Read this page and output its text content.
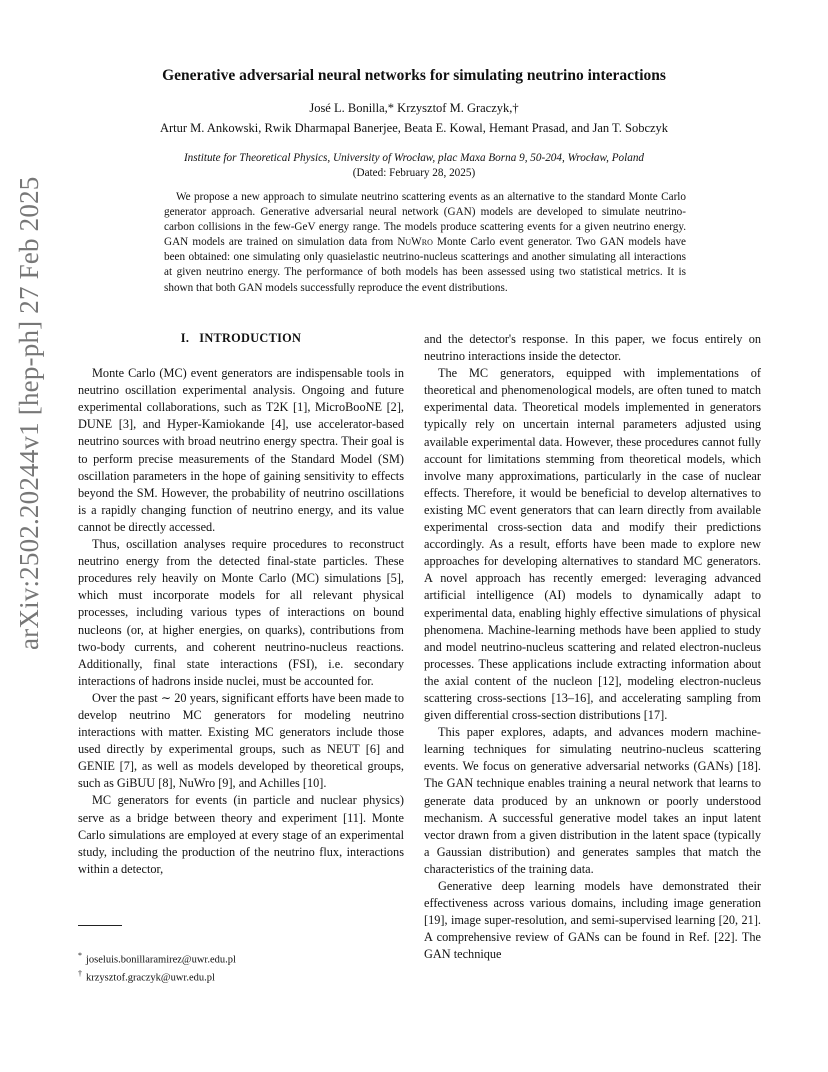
arXiv:2502.20244v1 [hep-ph] 27 Feb 2025
Generative adversarial neural networks for simulating neutrino interactions
José L. Bonilla,* Krzysztof M. Graczyk,†
Artur M. Ankowski, Rwik Dharmapal Banerjee, Beata E. Kowal, Hemant Prasad, and Jan T. Sobczyk
Institute for Theoretical Physics, University of Wrocław, plac Maxa Borna 9, 50-204, Wrocław, Poland
(Dated: February 28, 2025)
We propose a new approach to simulate neutrino scattering events as an alternative to the standard Monte Carlo generator approach. Generative adversarial neural network (GAN) models are developed to simulate neutrino-carbon collisions in the few-GeV energy range. The models produce scattering events for a given neutrino energy. GAN models are trained on simulation data from NuWro Monte Carlo event generator. Two GAN models have been obtained: one simulating only quasielastic neutrino-nucleus scatterings and another simulating all interactions at given neutrino energy. The performance of both models has been assessed using two statistical metrics. It is shown that both GAN models successfully reproduce the event distributions.
I. INTRODUCTION

Monte Carlo (MC) event generators are indispensable tools in neutrino oscillation experimental analysis. Ongoing and future experimental collaborations, such as T2K [1], MicroBooNE [2], DUNE [3], and Hyper-Kamiokande [4], use accelerator-based neutrino sources with broad neutrino energy spectra. Their goal is to perform precise measurements of the Standard Model (SM) oscillation parameters in the hope of gaining sensitivity to effects beyond the SM. However, the probability of neutrino oscillations is a rapidly changing function of neutrino energy, and its value cannot be directly accessed.

Thus, oscillation analyses require procedures to reconstruct neutrino energy from the detected final-state particles. These procedures rely heavily on Monte Carlo (MC) simulations [5], which must incorporate models for all relevant physical processes, including various types of interactions on bound nucleons (or, at higher energies, on quarks), contributions from two-body currents, and coherent neutrino-nucleus reactions. Additionally, final state interactions (FSI), i.e. secondary interactions of hadrons inside nuclei, must be accounted for.

Over the past ∼ 20 years, significant efforts have been made to develop neutrino MC generators for modeling neutrino interactions with matter. Existing MC generators include those used directly by experimental groups, such as NEUT [6] and GENIE [7], as well as models developed by theoretical groups, such as GiBUU [8], NuWro [9], and Achilles [10].

MC generators for events (in particle and nuclear physics) serve as a bridge between theory and experiment [11]. Monte Carlo simulations are employed at every stage of an experimental study, including the production of the neutrino flux, interactions within a detector,

and the detector's response. In this paper, we focus entirely on neutrino interactions inside the detector.

The MC generators, equipped with implementations of theoretical and phenomenological models, are often tuned to match experimental data. Theoretical models implemented in generators typically rely on uncertain internal parameters adjusted using available experimental data. However, these procedures cannot fully account for limitations stemming from theoretical models, which involve many approximations, particularly in the case of nuclear effects. Therefore, it would be beneficial to develop alternatives to existing MC event generators that can learn directly from available experimental cross-section data and modify their predictions accordingly. As a result, efforts have been made to explore new approaches for developing alternatives to standard MC generators. A novel approach has recently emerged: leveraging advanced artificial intelligence (AI) models to dynamically adapt to experimental data, enabling highly effective simulations of physical phenomena. Machine-learning methods have been applied to study and model neutrino-nucleus scattering and related electron-nucleus processes. These applications include extracting information about the axial content of the nucleon [12], modeling electron-nucleus scattering cross-sections [13–16], and accelerating sampling from given differential cross-section distributions [17].

This paper explores, adapts, and advances modern machine-learning techniques for simulating neutrino-nucleus scattering events. We focus on generative adversarial networks (GANs) [18]. The GAN technique enables training a neural network that learns to generate data produced by an unknown or poorly understood mechanism. A successful generative model takes an input latent vector drawn from a given distribution in the latent space (typically a Gaussian distribution) and generates samples that match the characteristics of the training data.

Generative deep learning models have demonstrated their effectiveness across various domains, including image generation [19], image super-resolution, and semi-supervised learning [20, 21]. A comprehensive review of GANs can be found in Ref. [22]. The GAN technique

* joseluis.bonillaramirez@uwr.edu.pl
† krzysztof.graczyk@uwr.edu.pl
